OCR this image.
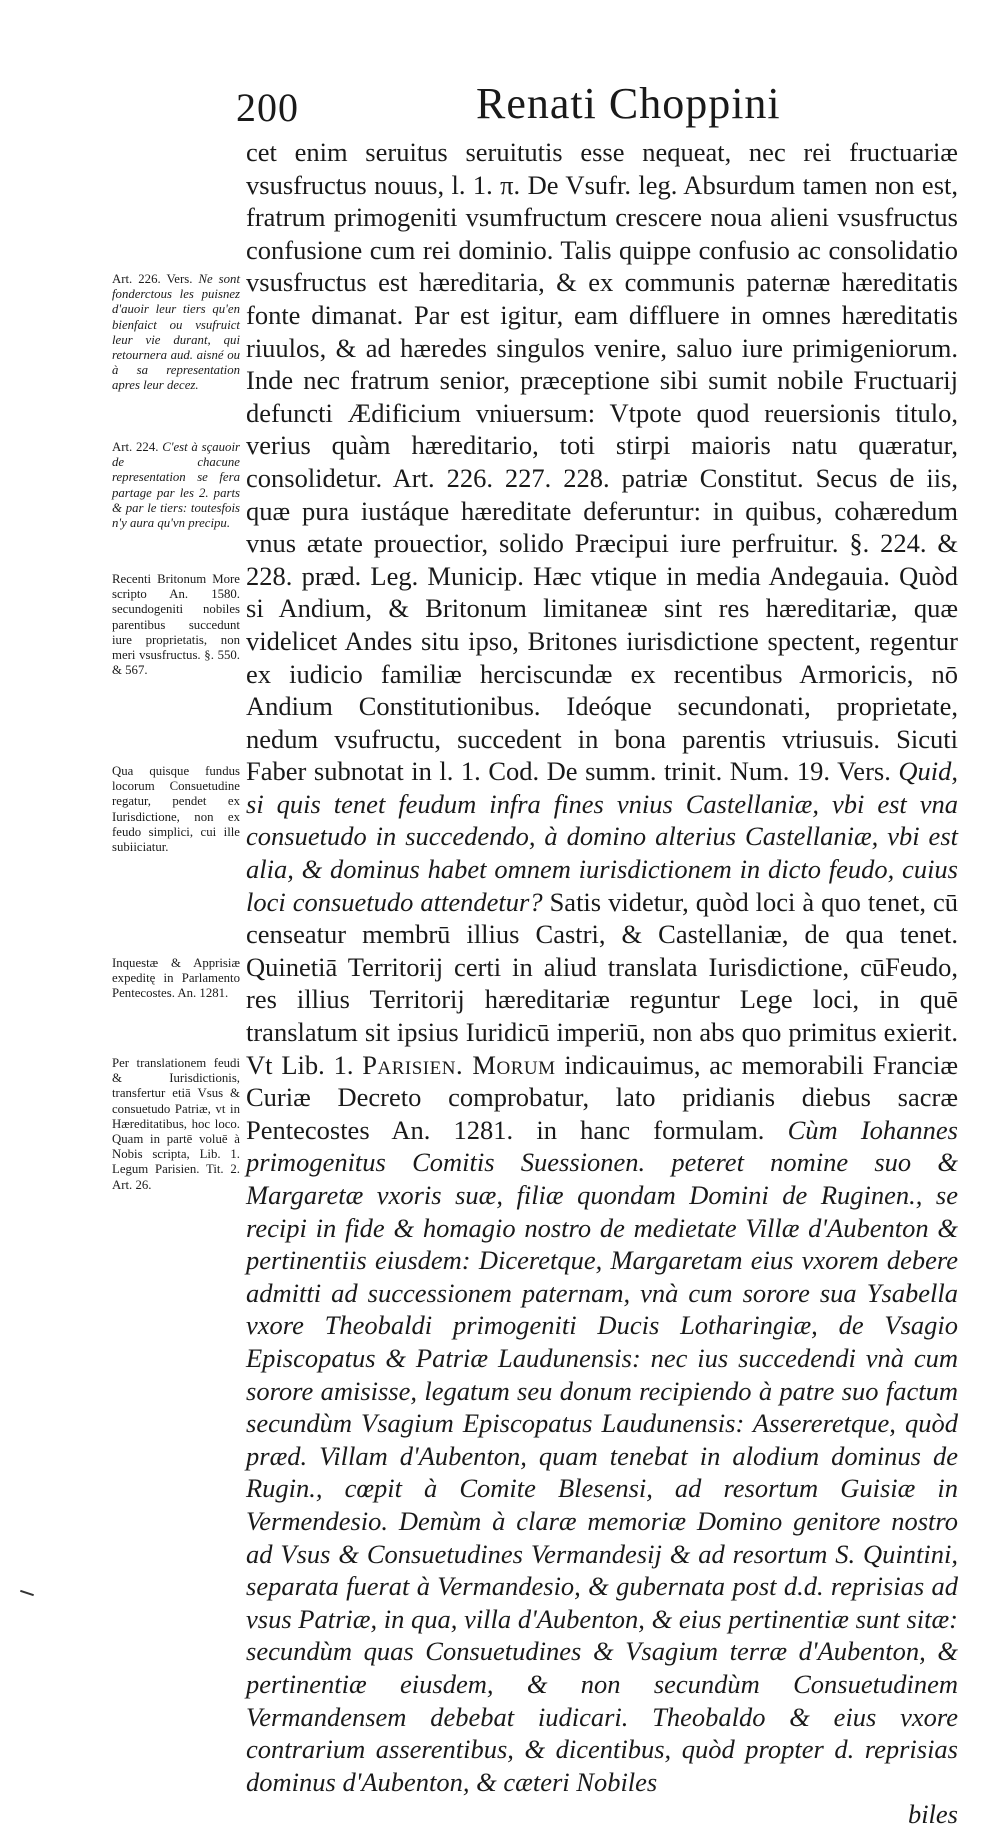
200	Renati Choppini

cet enim seruitus seruitutis esse nequeat, nec rei fructuariæ vsusfructus nouus, l. 1. π. De Vsufr. leg. Absurdum tamen non est, fratrum primogeniti vsumfructum crescere noua alieni vsusfructus confusione cum rei dominio. Talis quippe confusio ac consolidatio vsusfructus est hæreditaria, & ex communis paternæ hæreditatis fonte dimanat. Par est igitur, eam diffluere in omnes hæreditatis riuulos, & ad hæredes singulos venire, saluo iure primigeniorum. Inde nec fratrum senior, præceptione sibi sumit nobile Fructuarij defuncti Ædificium vniuersum: Vtpote quod reuersionis titulo, verius quàm hæreditario, toti stirpi maioris natu quæratur, consolidetur. Art. 226. 227. 228. patriæ Constitut. Secus de iis, quæ pura iustáque hæreditate deferuntur: in quibus, cohæredum vnus ætate prouectior, solido Præcipui iure perfruitur. §. 224. & 228. præd. Leg. Municip. Hæc vtique in media Andegauia. Quòd si Andium, & Britonum limitaneæ sint res hæreditariæ, quæ videlicet Andes situ ipso, Britones iurisdictione spectent, regentur ex iudicio familiæ herciscundæ ex recentibus Armoricis, nō Andium Constitutionibus. Ideóque secundonati, proprietate, nedum vsufructu, succedent in bona parentis vtriusuis. Sicuti Faber subnotat in l. 1. Cod. De summ. trinit. Num. 19. Vers. Quid, si quis tenet feudum infra fines vnius Castellaniæ, vbi est vna consuetudo in succedendo, à domino alterius Castellaniæ, vbi est alia, & dominus habet omnem iurisdictionem in dicto feudo, cuius loci consuetudo attendetur? Satis videtur, quòd loci à quo tenet, cū censeatur membrū illius Castri, & Castellaniæ, de qua tenet. Quinetiā Territorij certi in aliud translata Iurisdictione, cūFeudo, res illius Territorij hæreditariæ reguntur Lege loci, in quē translatum sit ipsius Iuridicū imperiū, non abs quo primitus exierit. Vt Lib. 1. Parisien. Morum indicauimus, ac memorabili Franciæ Curiæ Decreto comprobatur, lato pridianis diebus sacræ Pentecostes An. 1281. in hanc formulam. Cùm Iohannes primogenitus Comitis Suessionen. peteret nomine suo & Margaretæ vxoris suæ, filiæ quondam Domini de Ruginen., se recipi in fide & homagio nostro de medietate Villæ d'Aubenton & pertinentiis eiusdem: Diceretque, Margaretam eius vxorem debere admitti ad successionem paternam, vnà cum sorore sua Ysabella vxore Theobaldi primogeniti Ducis Lotharingiæ, de Vsagio Episcopatus & Patriæ Laudunensis: nec ius succedendi vnà cum sorore amisisse, legatum seu donum recipiendo à patre suo factum secundùm Vsagium Episcopatus Laudunensis: Assereretque, quòd præd. Villam d'Aubenton, quam tenebat in alodium dominus de Rugin., cœpit à Comite Blesensi, ad resortum Guisiæ in Vermendesio. Demùm à claræ memoriæ Domino genitore nostro ad Vsus & Consuetudines Vermandesij & ad resortum S. Quintini, separata fuerat à Vermandesio, & gubernata post d.d. reprisias ad vsus Patriæ, in qua, villa d'Aubenton, & eius pertinentiæ sunt sitæ: secundùm quas Consuetudines & Vsagium terræ d'Aubenton, & pertinentiæ eiusdem, & non secundùm Consuetudinem Vermandensem debebat iudicari. Theobaldo & eius vxore contrarium asserentibus, & dicentibus, quòd propter d. reprisias dominus d'Aubenton, & cæteri Nobiles
biles

Art. 226. Vers. Ne sont fonderctous les puisnez d'auoir leur tiers qu'en bienfaict ou vsufruict leur vie durant, qui retournera aud. aisné ou à sa representation apres leur decez.

Art. 224. C'est à sçauoir de chacune representation se fera partage par les 2. parts & par le tiers: toutesfois n'y aura qu'vn precipu.

Recenti Britonum More scripto An. 1580. secundogeniti nobiles parentibus succedunt iure proprietatis, non meri vsusfructus. §. 550. & 567.

Qua quisque fundus locorum Consuetudine regatur, pendet ex Iurisdictione, non ex feudo simplici, cui ille subiiciatur.

Inquestæ & Apprisiæ expeditę in Parlamento Pentecostes. An. 1281.

Per translationem feudi & Iurisdictionis, transfertur etiā Vsus & consuetudo Patriæ, vt in Hæreditatibus, hoc loco. Quam in partē voluē à Nobis scripta, Lib. 1. Legum Parisien. Tit. 2. Art. 26.
